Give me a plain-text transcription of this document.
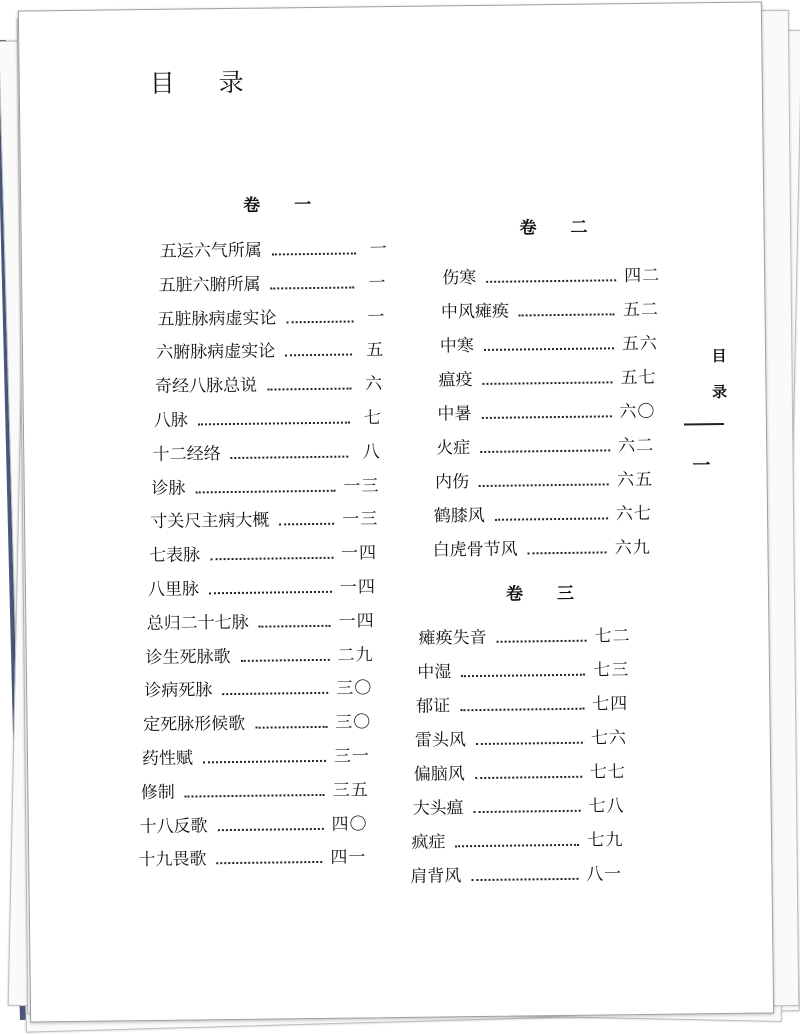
目 录
卷 一
五运六气所属	一
五脏六腑所属	一
五脏脉病虚实论	一
六腑脉病虚实论	五
奇经八脉总说	六
八脉	七
十二经络	八
诊脉	一三
寸关尺主病大概	一三
七表脉	一四
八里脉	一四
总归二十七脉	一四
诊生死脉歌	二九
诊病死脉	三〇
定死脉形候歌	三〇
药性赋	三一
修制	三五
十八反歌	四〇
十九畏歌	四一
卷 二
伤寒	四二
中风瘫痪	五二
中寒	五六
瘟疫	五七
中暑	六〇
火症	六二
内伤	六五
鹤膝风	六七
白虎骨节风	六九
卷 三
瘫痪失音	七二
中湿	七三
郁证	七四
雷头风	七六
偏脑风	七七
大头瘟	七八
疯症	七九
肩背风	八一
目
录
一
